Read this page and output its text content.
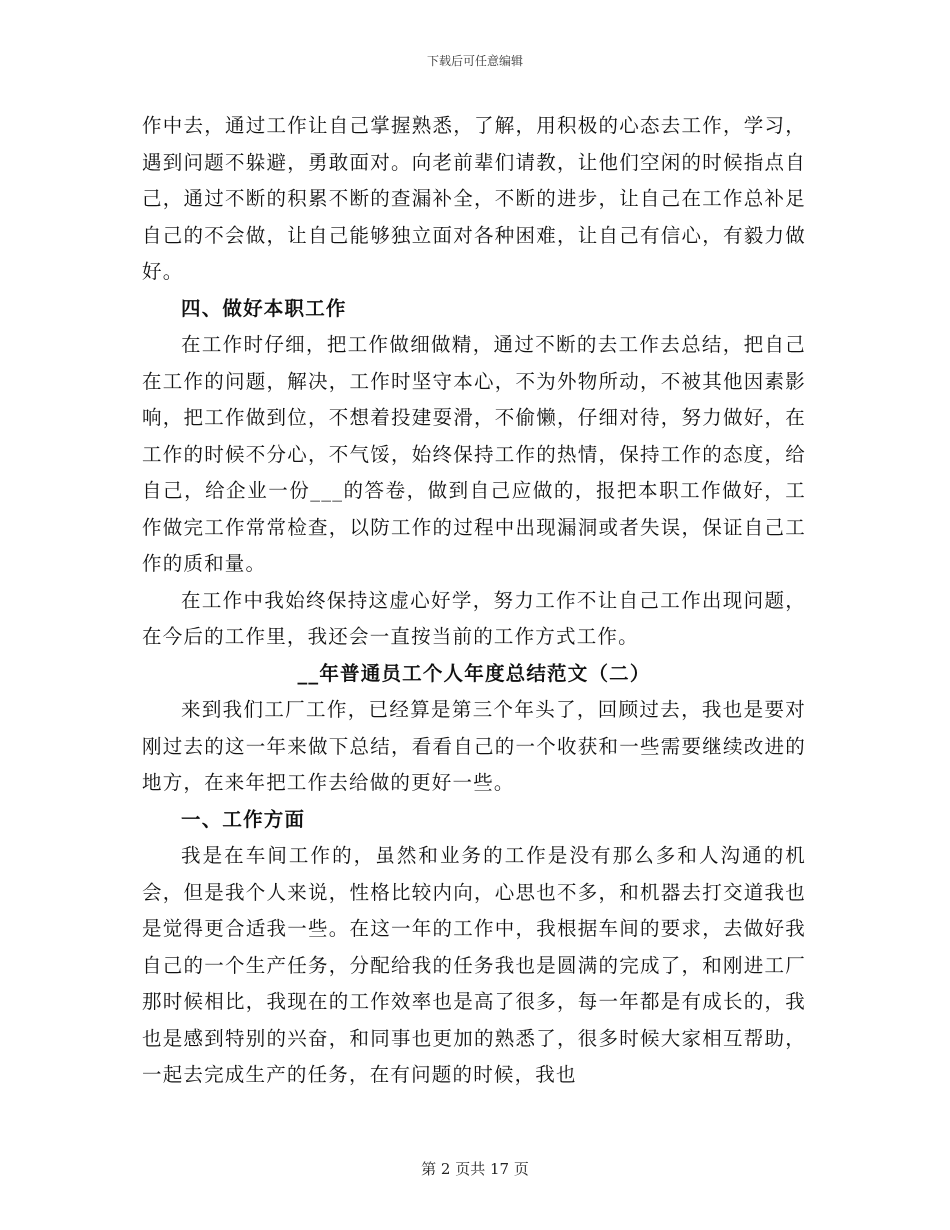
下载后可任意编辑

作中去，通过工作让自己掌握熟悉，了解，用积极的心态去工作，学习，遇到问题不躲避，勇敢面对。向老前辈们请教，让他们空闲的时候指点自己，通过不断的积累不断的查漏补全，不断的进步，让自己在工作总补足自己的不会做，让自己能够独立面对各种困难，让自己有信心，有毅力做好。

四、做好本职工作

在工作时仔细，把工作做细做精，通过不断的去工作去总结，把自己在工作的问题，解决，工作时坚守本心，不为外物所动，不被其他因素影响，把工作做到位，不想着投建耍滑，不偷懒，仔细对待，努力做好，在工作的时候不分心，不气馁，始终保持工作的热情，保持工作的态度，给自己，给企业一份___的答卷，做到自己应做的，报把本职工作做好，工作做完工作常常检查，以防工作的过程中出现漏洞或者失误，保证自己工作的质和量。

在工作中我始终保持这虚心好学，努力工作不让自己工作出现问题，在今后的工作里，我还会一直按当前的工作方式工作。

__年普通员工个人年度总结范文（二）

来到我们工厂工作，已经算是第三个年头了，回顾过去，我也是要对刚过去的这一年来做下总结，看看自己的一个收获和一些需要继续改进的地方，在来年把工作去给做的更好一些。

一、工作方面

我是在车间工作的，虽然和业务的工作是没有那么多和人沟通的机会，但是我个人来说，性格比较内向，心思也不多，和机器去打交道我也是觉得更合适我一些。在这一年的工作中，我根据车间的要求，去做好我自己的一个生产任务，分配给我的任务我也是圆满的完成了，和刚进工厂那时候相比，我现在的工作效率也是高了很多，每一年都是有成长的，我也是感到特别的兴奋，和同事也更加的熟悉了，很多时候大家相互帮助，一起去完成生产的任务，在有问题的时候，我也

第 2 页共 17 页
